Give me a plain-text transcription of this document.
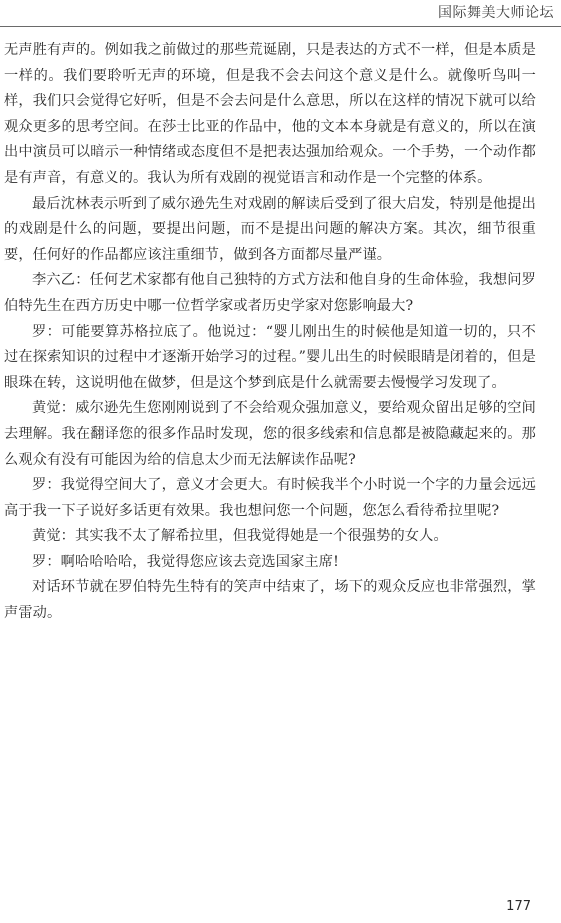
国际舞美大师论坛

无声胜有声的。例如我之前做过的那些荒诞剧，只是表达的方式不一样，但是本质是一样的。我们要聆听无声的环境，但是我不会去问这个意义是什么。就像听鸟叫一样，我们只会觉得它好听，但是不会去问是什么意思，所以在这样的情况下就可以给观众更多的思考空间。在莎士比亚的作品中，他的文本本身就是有意义的，所以在演出中演员可以暗示一种情绪或态度但不是把表达强加给观众。一个手势，一个动作都是有声音，有意义的。我认为所有戏剧的视觉语言和动作是一个完整的体系。

最后沈林表示听到了威尔逊先生对戏剧的解读后受到了很大启发，特别是他提出的戏剧是什么的问题，要提出问题，而不是提出问题的解决方案。其次，细节很重要，任何好的作品都应该注重细节，做到各方面都尽量严谨。

李六乙：任何艺术家都有他自己独特的方式方法和他自身的生命体验，我想问罗伯特先生在西方历史中哪一位哲学家或者历史学家对您影响最大?

罗：可能要算苏格拉底了。他说过：“婴儿刚出生的时候他是知道一切的，只不过在探索知识的过程中才逐渐开始学习的过程。”婴儿出生的时候眼睛是闭着的，但是眼珠在转，这说明他在做梦，但是这个梦到底是什么就需要去慢慢学习发现了。

黄觉：威尔逊先生您刚刚说到了不会给观众强加意义，要给观众留出足够的空间去理解。我在翻译您的很多作品时发现，您的很多线索和信息都是被隐藏起来的。那么观众有没有可能因为给的信息太少而无法解读作品呢?

罗：我觉得空间大了，意义才会更大。有时候我半个小时说一个字的力量会远远高于我一下子说好多话更有效果。我也想问您一个问题，您怎么看待希拉里呢?

黄觉：其实我不太了解希拉里，但我觉得她是一个很强势的女人。

罗：啊哈哈哈哈，我觉得您应该去竞选国家主席!

对话环节就在罗伯特先生特有的笑声中结束了，场下的观众反应也非常强烈，掌声雷动。

177
